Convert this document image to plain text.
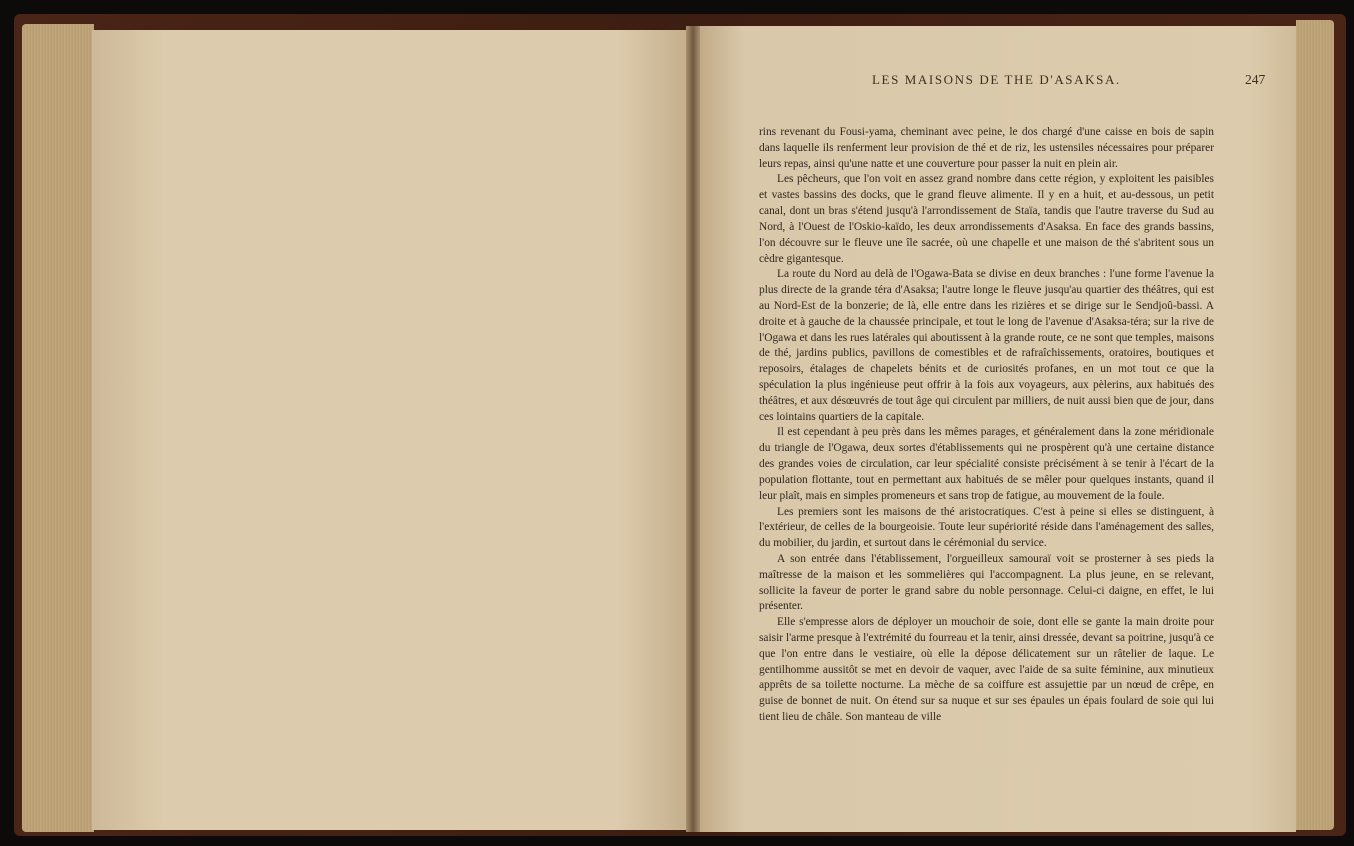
LES MAISONS DE THE D'ASAKSA.	247

rins revenant du Fousi-yama, cheminant avec peine, le dos chargé d'une caisse en bois de sapin dans laquelle ils renferment leur provision de thé et de riz, les ustensiles nécessaires pour préparer leurs repas, ainsi qu'une natte et une couverture pour passer la nuit en plein air.

Les pêcheurs, que l'on voit en assez grand nombre dans cette région, y exploitent les paisibles et vastes bassins des docks, que le grand fleuve alimente. Il y en a huit, et au-dessous, un petit canal, dont un bras s'étend jusqu'à l'arrondissement de Staïa, tandis que l'autre traverse du Sud au Nord, à l'Ouest de l'Oskio-kaïdo, les deux arrondissements d'Asaksa. En face des grands bassins, l'on découvre sur le fleuve une île sacrée, où une chapelle et une maison de thé s'abritent sous un cèdre gigantesque.

La route du Nord au delà de l'Ogawa-Bata se divise en deux branches : l'une forme l'avenue la plus directe de la grande téra d'Asaksa; l'autre longe le fleuve jusqu'au quartier des théâtres, qui est au Nord-Est de la bonzerie; de là, elle entre dans les rizières et se dirige sur le Sendjoû-bassi. A droite et à gauche de la chaussée principale, et tout le long de l'avenue d'Asaksa-téra; sur la rive de l'Ogawa et dans les rues latérales qui aboutissent à la grande route, ce ne sont que temples, maisons de thé, jardins publics, pavillons de comestibles et de rafraîchissements, oratoires, boutiques et reposoirs, étalages de chapelets bénits et de curiosités profanes, en un mot tout ce que la spéculation la plus ingénieuse peut offrir à la fois aux voyageurs, aux pèlerins, aux habitués des théâtres, et aux désœuvrés de tout âge qui circulent par milliers, de nuit aussi bien que de jour, dans ces lointains quartiers de la capitale.

Il est cependant à peu près dans les mêmes parages, et généralement dans la zone méridionale du triangle de l'Ogawa, deux sortes d'établissements qui ne prospèrent qu'à une certaine distance des grandes voies de circulation, car leur spécialité consiste précisément à se tenir à l'écart de la population flottante, tout en permettant aux habitués de se mêler pour quelques instants, quand il leur plaît, mais en simples promeneurs et sans trop de fatigue, au mouvement de la foule.

Les premiers sont les maisons de thé aristocratiques. C'est à peine si elles se distinguent, à l'extérieur, de celles de la bourgeoisie. Toute leur supériorité réside dans l'aménagement des salles, du mobilier, du jardin, et surtout dans le cérémonial du service.

A son entrée dans l'établissement, l'orgueilleux samouraï voit se prosterner à ses pieds la maîtresse de la maison et les sommelières qui l'accompagnent. La plus jeune, en se relevant, sollicite la faveur de porter le grand sabre du noble personnage. Celui-ci daigne, en effet, le lui présenter.

Elle s'empresse alors de déployer un mouchoir de soie, dont elle se gante la main droite pour saisir l'arme presque à l'extrémité du fourreau et la tenir, ainsi dressée, devant sa poitrine, jusqu'à ce que l'on entre dans le vestiaire, où elle la dépose délicatement sur un râtelier de laque. Le gentilhomme aussitôt se met en devoir de vaquer, avec l'aide de sa suite féminine, aux minutieux apprêts de sa toilette nocturne. La mèche de sa coiffure est assujettie par un nœud de crêpe, en guise de bonnet de nuit. On étend sur sa nuque et sur ses épaules un épais foulard de soie qui lui tient lieu de châle. Son manteau de ville
